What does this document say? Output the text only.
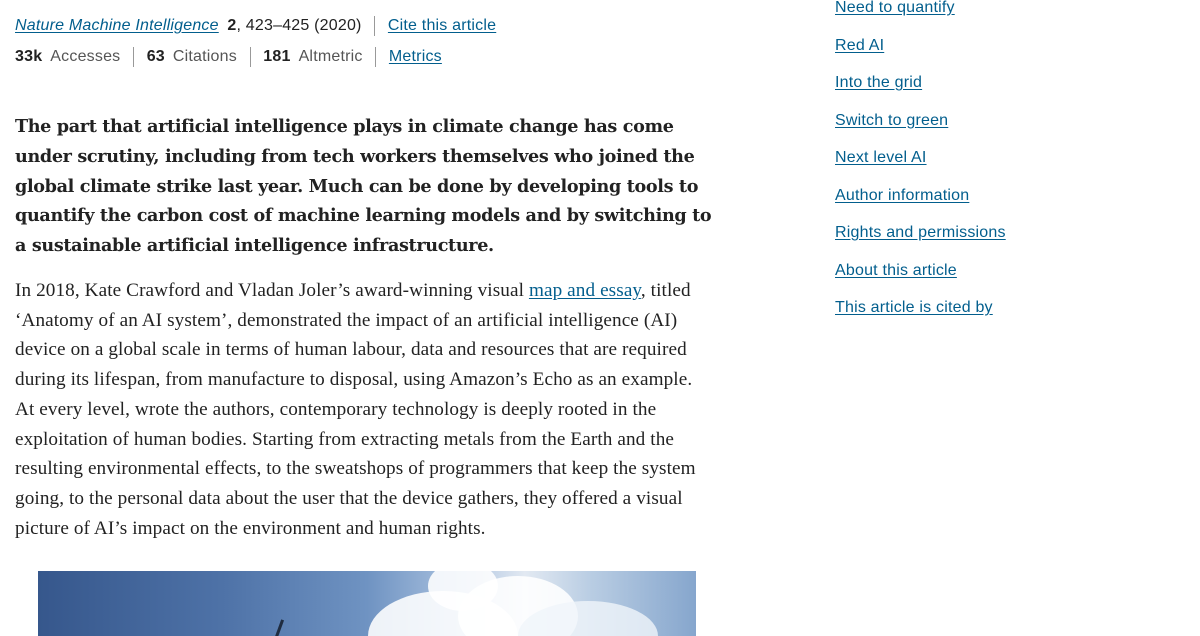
Nature Machine Intelligence 2, 423–425 (2020) Cite this article
33k Accesses 63 Citations 181 Altmetric Metrics

The part that artificial intelligence plays in climate change has come under scrutiny, including from tech workers themselves who joined the global climate strike last year. Much can be done by developing tools to quantify the carbon cost of machine learning models and by switching to a sustainable artificial intelligence infrastructure.

In 2018, Kate Crawford and Vladan Joler’s award-winning visual map and essay, titled ‘Anatomy of an AI system’, demonstrated the impact of an artificial intelligence (AI) device on a global scale in terms of human labour, data and resources that are required during its lifespan, from manufacture to disposal, using Amazon’s Echo as an example. At every level, wrote the authors, contemporary technology is deeply rooted in the exploitation of human bodies. Starting from extracting metals from the Earth and the resulting environmental effects, to the sweatshops of programmers that keep the system going, to the personal data about the user that the device gathers, they offered a visual picture of AI’s impact on the environment and human rights.

Need to quantify
Red AI
Into the grid
Switch to green
Next level AI
Author information
Rights and permissions
About this article
This article is cited by
